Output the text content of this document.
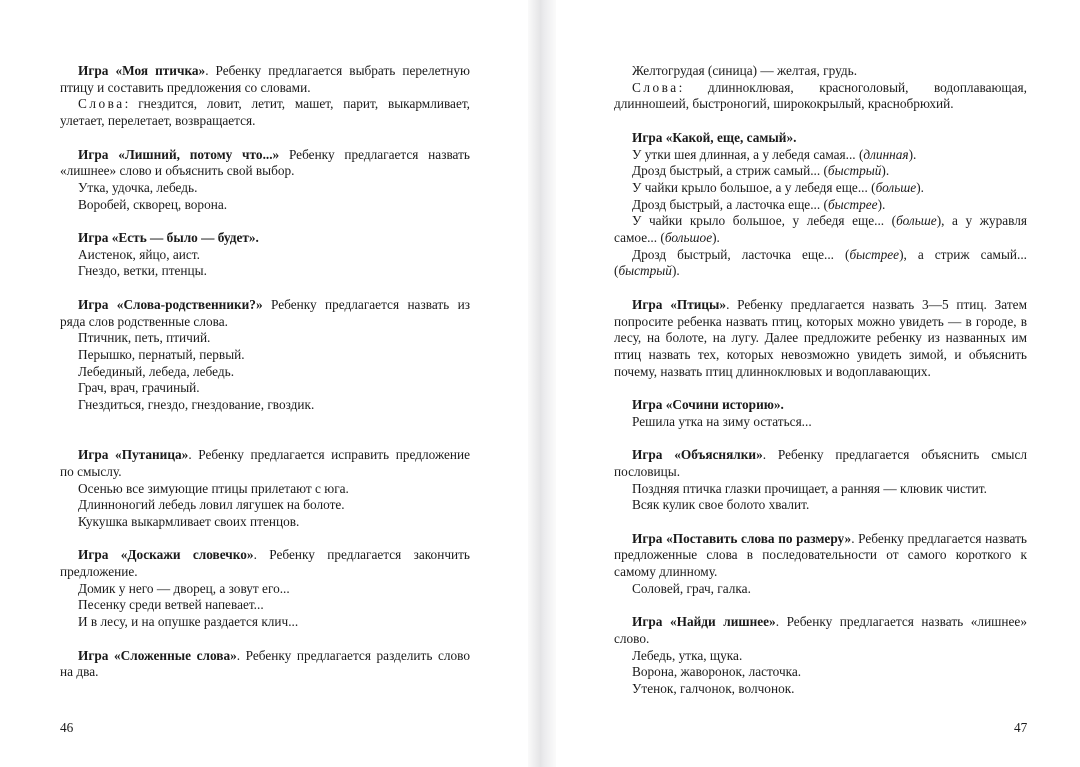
Игра «Моя птичка». Ребенку предлагается выбрать перелетную птицу и составить предложения со словами.

Слова: гнездится, ловит, летит, машет, парит, выкармливает, улетает, перелетает, возвращается.

Игра «Лишний, потому что...» Ребенку предлагается назвать «лишнее» слово и объяснить свой выбор.

Утка, удочка, лебедь.

Воробей, скворец, ворона.

Игра «Есть — было — будет».

Аистенок, яйцо, аист.

Гнездо, ветки, птенцы.

Игра «Слова-родственники?» Ребенку предлагается назвать из ряда слов родственные слова.

Птичник, петь, птичий.

Перышко, пернатый, первый.

Лебединый, лебеда, лебедь.

Грач, врач, грачиный.

Гнездиться, гнездо, гнездование, гвоздик.

Игра «Путаница». Ребенку предлагается исправить предложение по смыслу.

Осенью все зимующие птицы прилетают с юга.

Длинноногий лебедь ловил лягушек на болоте.

Кукушка выкармливает своих птенцов.

Игра «Доскажи словечко». Ребенку предлагается закончить предложение.

Домик у него — дворец, а зовут его...

Песенку среди ветвей напевает...

И в лесу, и на опушке раздается клич...

Игра «Сложенные слова». Ребенку предлагается разделить слово на два.

Желтогрудая (синица) — желтая, грудь.

Слова: длинноклювая, красноголовый, водоплавающая, длинношеий, быстроногий, ширококрылый, краснобрюхий.

Игра «Какой, еще, самый».

У утки шея длинная, а у лебедя самая... (длинная).

Дрозд быстрый, а стриж самый... (быстрый).

У чайки крыло большое, а у лебедя еще... (больше).

Дрозд быстрый, а ласточка еще... (быстрее).

У чайки крыло большое, у лебедя еще... (больше), а у журавля самое... (большое).

Дрозд быстрый, ласточка еще... (быстрее), а стриж самый... (быстрый).

Игра «Птицы». Ребенку предлагается назвать 3—5 птиц. Затем попросите ребенка назвать птиц, которых можно увидеть — в городе, в лесу, на болоте, на лугу. Далее предложите ребенку из названных им птиц назвать тех, которых невозможно увидеть зимой, и объяснить почему, назвать птиц длинноклювых и водоплавающих.

Игра «Сочини историю».

Решила утка на зиму остаться...

Игра «Объяснялки». Ребенку предлагается объяснить смысл пословицы.

Поздняя птичка глазки прочищает, а ранняя — клювик чистит.

Всяк кулик свое болото хвалит.

Игра «Поставить слова по размеру». Ребенку предлагается назвать предложенные слова в последовательности от самого короткого к самому длинному.

Соловей, грач, галка.

Игра «Найди лишнее». Ребенку предлагается назвать «лишнее» слово.

Лебедь, утка, щука.

Ворона, жаворонок, ласточка.

Утенок, галчонок, волчонок.

46	47
